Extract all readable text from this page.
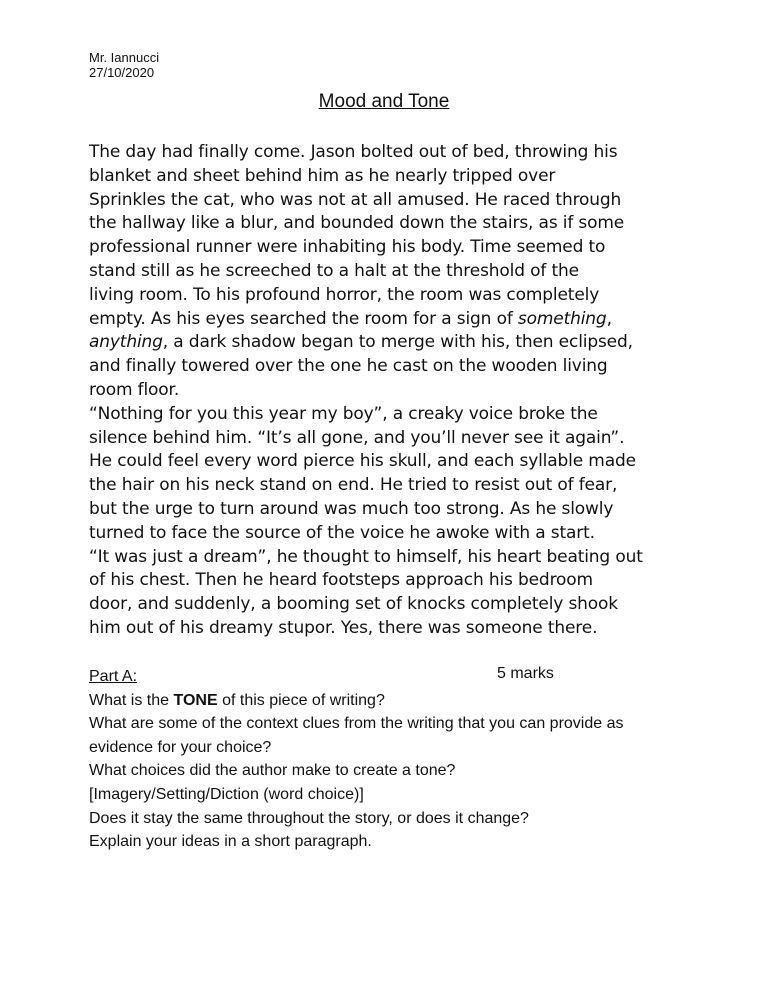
Mr. Iannucci
27/10/2020
Mood and Tone
The day had finally come. Jason bolted out of bed, throwing his
blanket and sheet behind him as he nearly tripped over
Sprinkles the cat, who was not at all amused. He raced through
the hallway like a blur, and bounded down the stairs, as if some
professional runner were inhabiting his body. Time seemed to
stand still as he screeched to a halt at the threshold of the
living room. To his profound horror, the room was completely
empty. As his eyes searched the room for a sign of something,
anything, a dark shadow began to merge with his, then eclipsed,
and finally towered over the one he cast on the wooden living
room floor.
“Nothing for you this year my boy”, a creaky voice broke the
silence behind him. “It’s all gone, and you’ll never see it again”.
He could feel every word pierce his skull, and each syllable made
the hair on his neck stand on end. He tried to resist out of fear,
but the urge to turn around was much too strong. As he slowly
turned to face the source of the voice he awoke with a start.
“It was just a dream”, he thought to himself, his heart beating out
of his chest. Then he heard footsteps approach his bedroom
door, and suddenly, a booming set of knocks completely shook
him out of his dreamy stupor. Yes, there was someone there.
Part A:
What is the TONE of this piece of writing?
What are some of the context clues from the writing that you can provide as
evidence for your choice?
What choices did the author make to create a tone?
[Imagery/Setting/Diction (word choice)]
Does it stay the same throughout the story, or does it change?
Explain your ideas in a short paragraph.
5 marks
